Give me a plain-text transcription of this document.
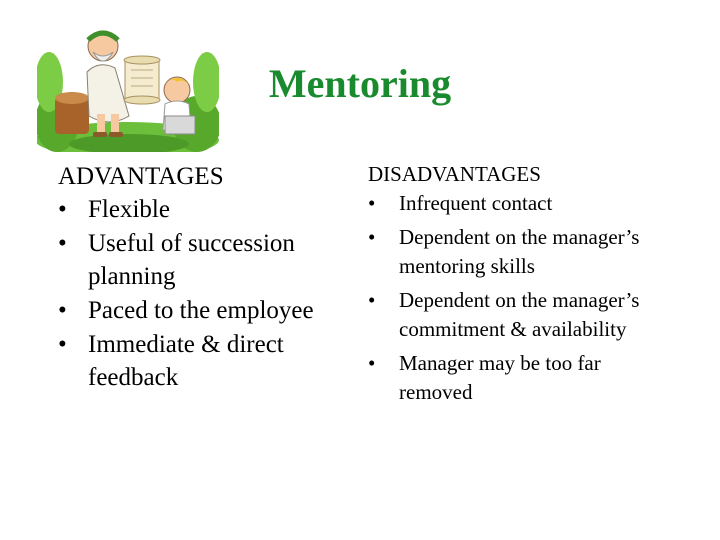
Mentoring

ADVANTAGES

• Flexible
• Useful of succession planning
• Paced to the employee
• Immediate & direct feedback

DISADVANTAGES

• Infrequent contact
• Dependent on the manager’s mentoring skills
• Dependent on the manager’s commitment & availability
• Manager may be too far removed
